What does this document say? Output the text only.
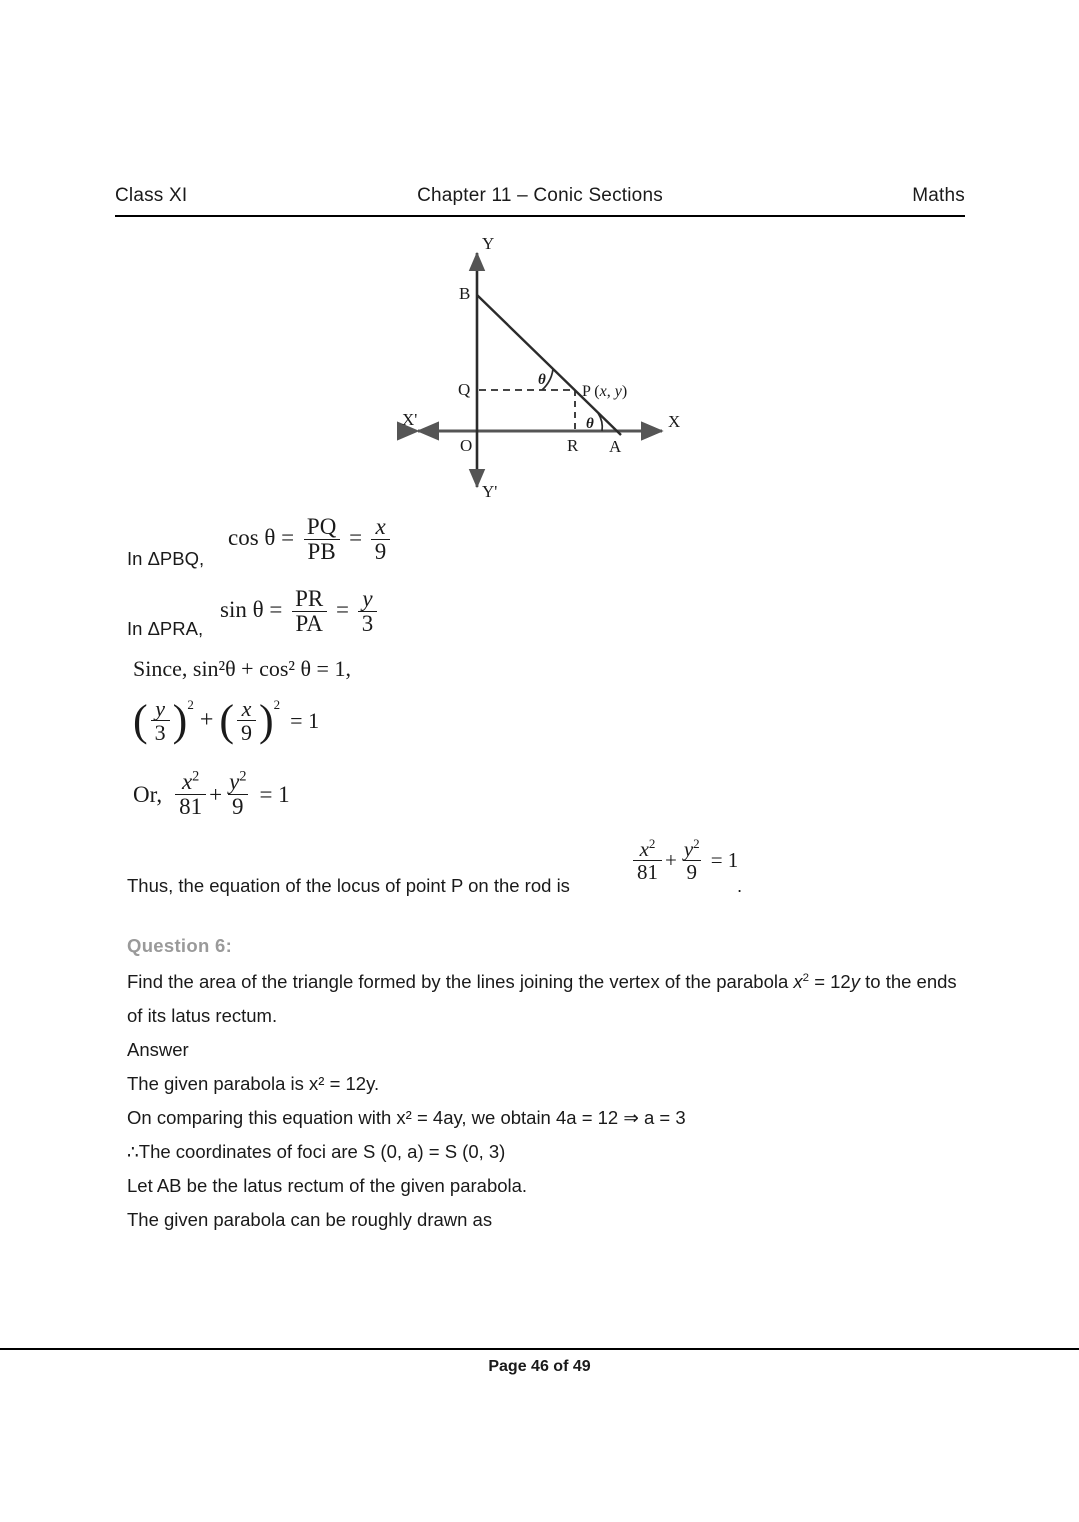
Class XI	Chapter 11 – Conic Sections	Maths
Y
Y'
X
X'
B
Q
O	R A
P (x, y)
θ
θ
In ΔPBQ,
$\cos \theta = \frac{PQ}{PB} = \frac{x}{9}$
In ΔPRA,
$\sin \theta = \frac{PR}{PA} = \frac{y}{3}$
Since, sin²θ + cos² θ = 1,
( $\frac{y}{3}$ ) 2
+ ( $\frac{x}{9}$ ) 2
= 1
Or, $\frac{x^2}{81} + \frac{y^2}{9} = 1$
Thus, the equation of the locus of point P on the rod is
$\frac{x^2}{81} + \frac{y^2}{9} = 1$
.
Question 6:
Find the area of the triangle formed by the lines joining the vertex of the parabola $x^2 = 12y$ to the ends of its latus rectum.
Answer
The given parabola is x² = 12y.
On comparing this equation with x² = 4ay, we obtain 4a = 12 ⇒ a = 3
∴The coordinates of foci are S (0, a) = S (0, 3)
Let AB be the latus rectum of the given parabola.
The given parabola can be roughly drawn as
Page 46 of 49
